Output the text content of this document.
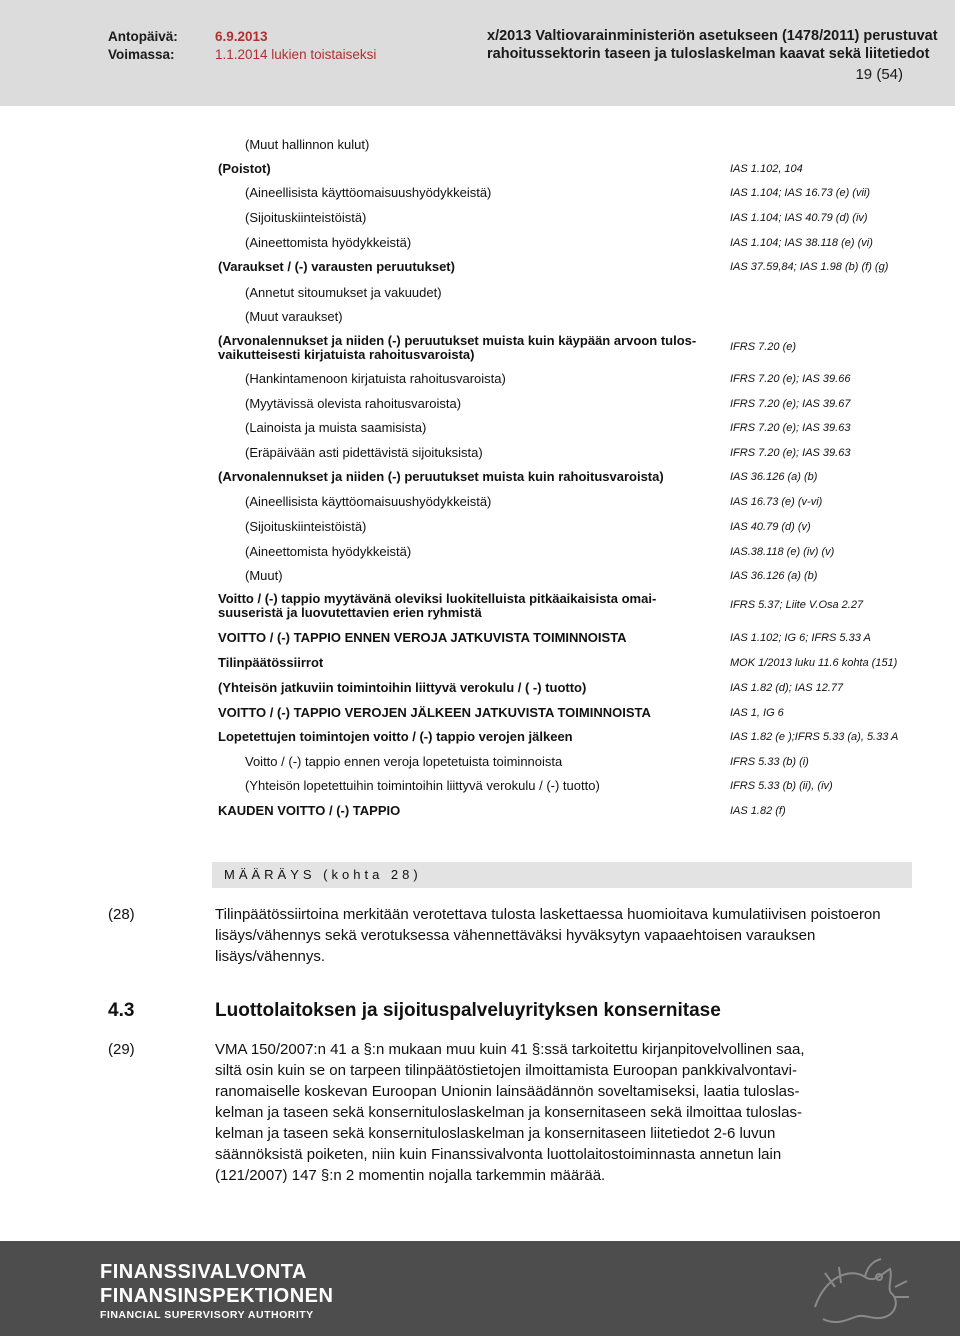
Antopäivä:	6.9.2013
Voimassa:	1.1.2014 lukien toistaiseksi
x/2013 Valtiovarainministeriön asetukseen (1478/2011) perustuvat
rahoitussektorin taseen ja tuloslaskelman kaavat sekä liitetiedot
19 (54)
(Muut hallinnon kulut)
(Poistot)	IAS 1.102, 104
(Aineellisista käyttöomaisuushyödykkeistä)	IAS 1.104; IAS 16.73 (e) (vii)
(Sijoituskiinteistöistä)	IAS 1.104; IAS 40.79 (d) (iv)
(Aineettomista hyödykkeistä)	IAS 1.104; IAS 38.118 (e) (vi)
(Varaukset / (-) varausten peruutukset)	IAS 37.59,84; IAS 1.98 (b) (f) (g)
(Annetut sitoumukset ja vakuudet)
(Muut varaukset)
(Arvonalennukset ja niiden (-) peruutukset muista kuin käypään arvoon tulos-
vaikutteisesti kirjatuista rahoitusvaroista)	IFRS 7.20 (e)
(Hankintamenoon kirjatuista rahoitusvaroista)	IFRS 7.20 (e); IAS 39.66
(Myytävissä olevista rahoitusvaroista)	IFRS 7.20 (e); IAS 39.67
(Lainoista ja muista saamisista)	IFRS 7.20 (e); IAS 39.63
(Eräpäivään asti pidettävistä sijoituksista)	IFRS 7.20 (e); IAS 39.63
(Arvonalennukset ja niiden (-) peruutukset muista kuin rahoitusvaroista)	IAS 36.126 (a) (b)
(Aineellisista käyttöomaisuushyödykkeistä)	IAS 16.73 (e) (v-vi)
(Sijoituskiinteistöistä)	IAS 40.79 (d) (v)
(Aineettomista hyödykkeistä)	IAS.38.118 (e) (iv) (v)
(Muut)	IAS 36.126 (a) (b)
Voitto / (-) tappio myytävänä oleviksi luokitelluista pitkäaikaisista omai-
suuseristä ja luovutettavien erien ryhmistä	IFRS 5.37; Liite V.Osa 2.27
VOITTO / (-) TAPPIO ENNEN VEROJA JATKUVISTA TOIMINNOISTA	IAS 1.102; IG 6; IFRS 5.33 A
Tilinpäätössiirrot	MOK 1/2013 luku 11.6 kohta (151)
(Yhteisön jatkuviin toimintoihin liittyvä verokulu / ( -) tuotto)	IAS 1.82 (d); IAS 12.77
VOITTO / (-) TAPPIO VEROJEN JÄLKEEN JATKUVISTA TOIMINNOISTA	IAS 1, IG 6
Lopetettujen toimintojen voitto / (-) tappio verojen jälkeen	IAS 1.82 (e );IFRS 5.33 (a), 5.33 A
Voitto / (-) tappio ennen veroja lopetetuista toiminnoista	IFRS 5.33 (b) (i)
(Yhteisön lopetettuihin toimintoihin liittyvä verokulu / (-) tuotto)	IFRS 5.33 (b) (ii), (iv)
KAUDEN VOITTO / (-) TAPPIO	IAS 1.82 (f)
MÄÄRÄYS (kohta 28)
(28)	Tilinpäätössiirtoina merkitään verotettava tulosta laskettaessa huomioitava kumulatiivisen poistoeron lisäys/vähennys sekä verotuksessa vähennettäväksi hyväksytyn vapaaehtoisen varauksen lisäys/vähennys.
4.3	Luottolaitoksen ja sijoituspalveluyrityksen konsernitase
(29)	VMA 150/2007:n 41 a §:n mukaan muu kuin 41 §:ssä tarkoitettu kirjanpitovelvollinen saa,
siltä osin kuin se on tarpeen tilinpäätöstietojen ilmoittamista Euroopan pankkivalvontavi-
ranomaiselle koskevan Euroopan Unionin lainsäädännön soveltamiseksi, laatia tuloslas-
kelman ja taseen sekä konsernituloslaskelman ja konsernitaseen sekä ilmoittaa tuloslas-
kelman ja taseen sekä konsernituloslaskelman ja konsernitaseen liitetiedot 2-6 luvun
säännöksistä poiketen, niin kuin Finanssivalvonta luottolaitostoiminnasta annetun lain
(121/2007) 147 §:n 2 momentin nojalla tarkemmin määrää.
FINANSSIVALVONTA
FINANSINSPEKTIONEN
FINANCIAL SUPERVISORY AUTHORITY
